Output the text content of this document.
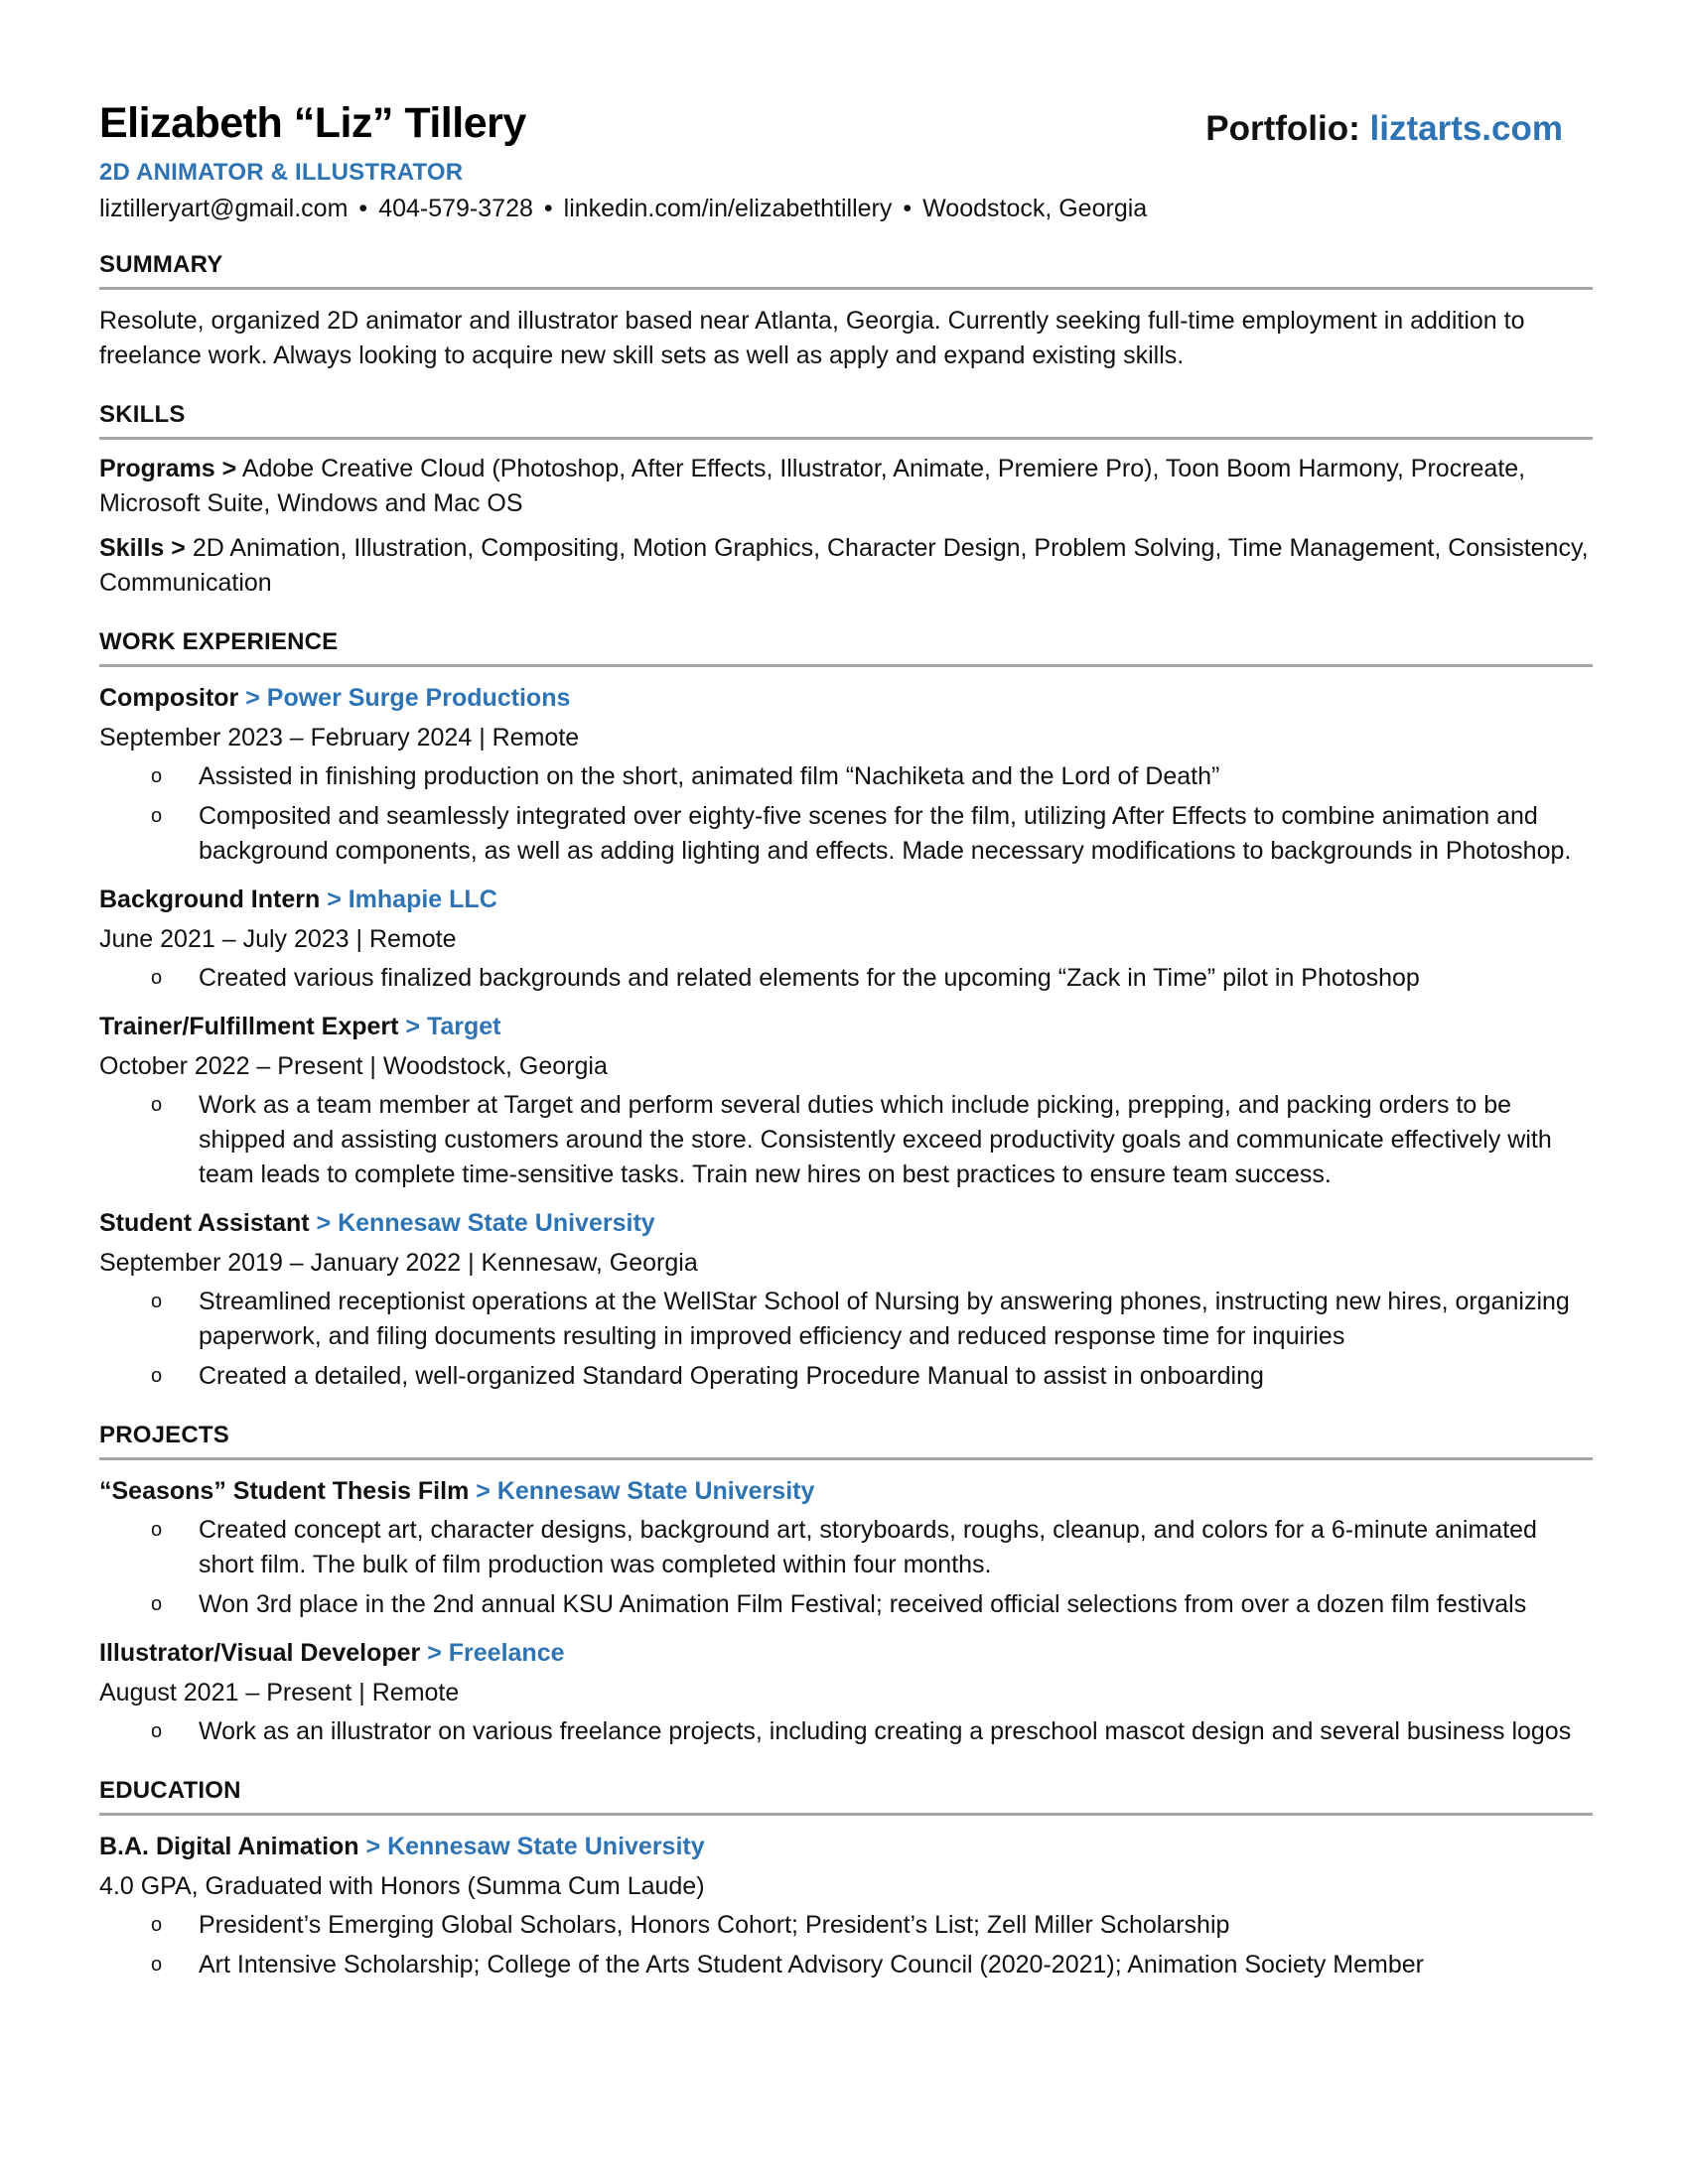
Elizabeth “Liz” Tillery	Portfolio: liztarts.com
2D ANIMATOR & ILLUSTRATOR
liztilleryart@gmail.com • 404-579-3728 • linkedin.com/in/elizabethtillery • Woodstock, Georgia
SUMMARY
Resolute, organized 2D animator and illustrator based near Atlanta, Georgia. Currently seeking full-time employment in addition to freelance work. Always looking to acquire new skill sets as well as apply and expand existing skills.
SKILLS
Programs > Adobe Creative Cloud (Photoshop, After Effects, Illustrator, Animate, Premiere Pro), Toon Boom Harmony, Procreate, Microsoft Suite, Windows and Mac OS
Skills > 2D Animation, Illustration, Compositing, Motion Graphics, Character Design, Problem Solving, Time Management, Consistency, Communication
WORK EXPERIENCE
Compositor > Power Surge Productions
September 2023 – February 2024 | Remote
o Assisted in finishing production on the short, animated film “Nachiketa and the Lord of Death”
o Composited and seamlessly integrated over eighty-five scenes for the film, utilizing After Effects to combine animation and background components, as well as adding lighting and effects. Made necessary modifications to backgrounds in Photoshop.
Background Intern > Imhapie LLC
June 2021 – July 2023 | Remote
o Created various finalized backgrounds and related elements for the upcoming “Zack in Time” pilot in Photoshop
Trainer/Fulfillment Expert > Target
October 2022 – Present | Woodstock, Georgia
o Work as a team member at Target and perform several duties which include picking, prepping, and packing orders to be shipped and assisting customers around the store. Consistently exceed productivity goals and communicate effectively with team leads to complete time-sensitive tasks. Train new hires on best practices to ensure team success.
Student Assistant > Kennesaw State University
September 2019 – January 2022 | Kennesaw, Georgia
o Streamlined receptionist operations at the WellStar School of Nursing by answering phones, instructing new hires, organizing paperwork, and filing documents resulting in improved efficiency and reduced response time for inquiries
o Created a detailed, well-organized Standard Operating Procedure Manual to assist in onboarding
PROJECTS
“Seasons” Student Thesis Film > Kennesaw State University
o Created concept art, character designs, background art, storyboards, roughs, cleanup, and colors for a 6-minute animated short film. The bulk of film production was completed within four months.
o Won 3rd place in the 2nd annual KSU Animation Film Festival; received official selections from over a dozen film festivals
Illustrator/Visual Developer > Freelance
August 2021 – Present | Remote
o Work as an illustrator on various freelance projects, including creating a preschool mascot design and several business logos
EDUCATION
B.A. Digital Animation > Kennesaw State University
4.0 GPA, Graduated with Honors (Summa Cum Laude)
o President’s Emerging Global Scholars, Honors Cohort; President’s List; Zell Miller Scholarship
o Art Intensive Scholarship; College of the Arts Student Advisory Council (2020-2021); Animation Society Member
